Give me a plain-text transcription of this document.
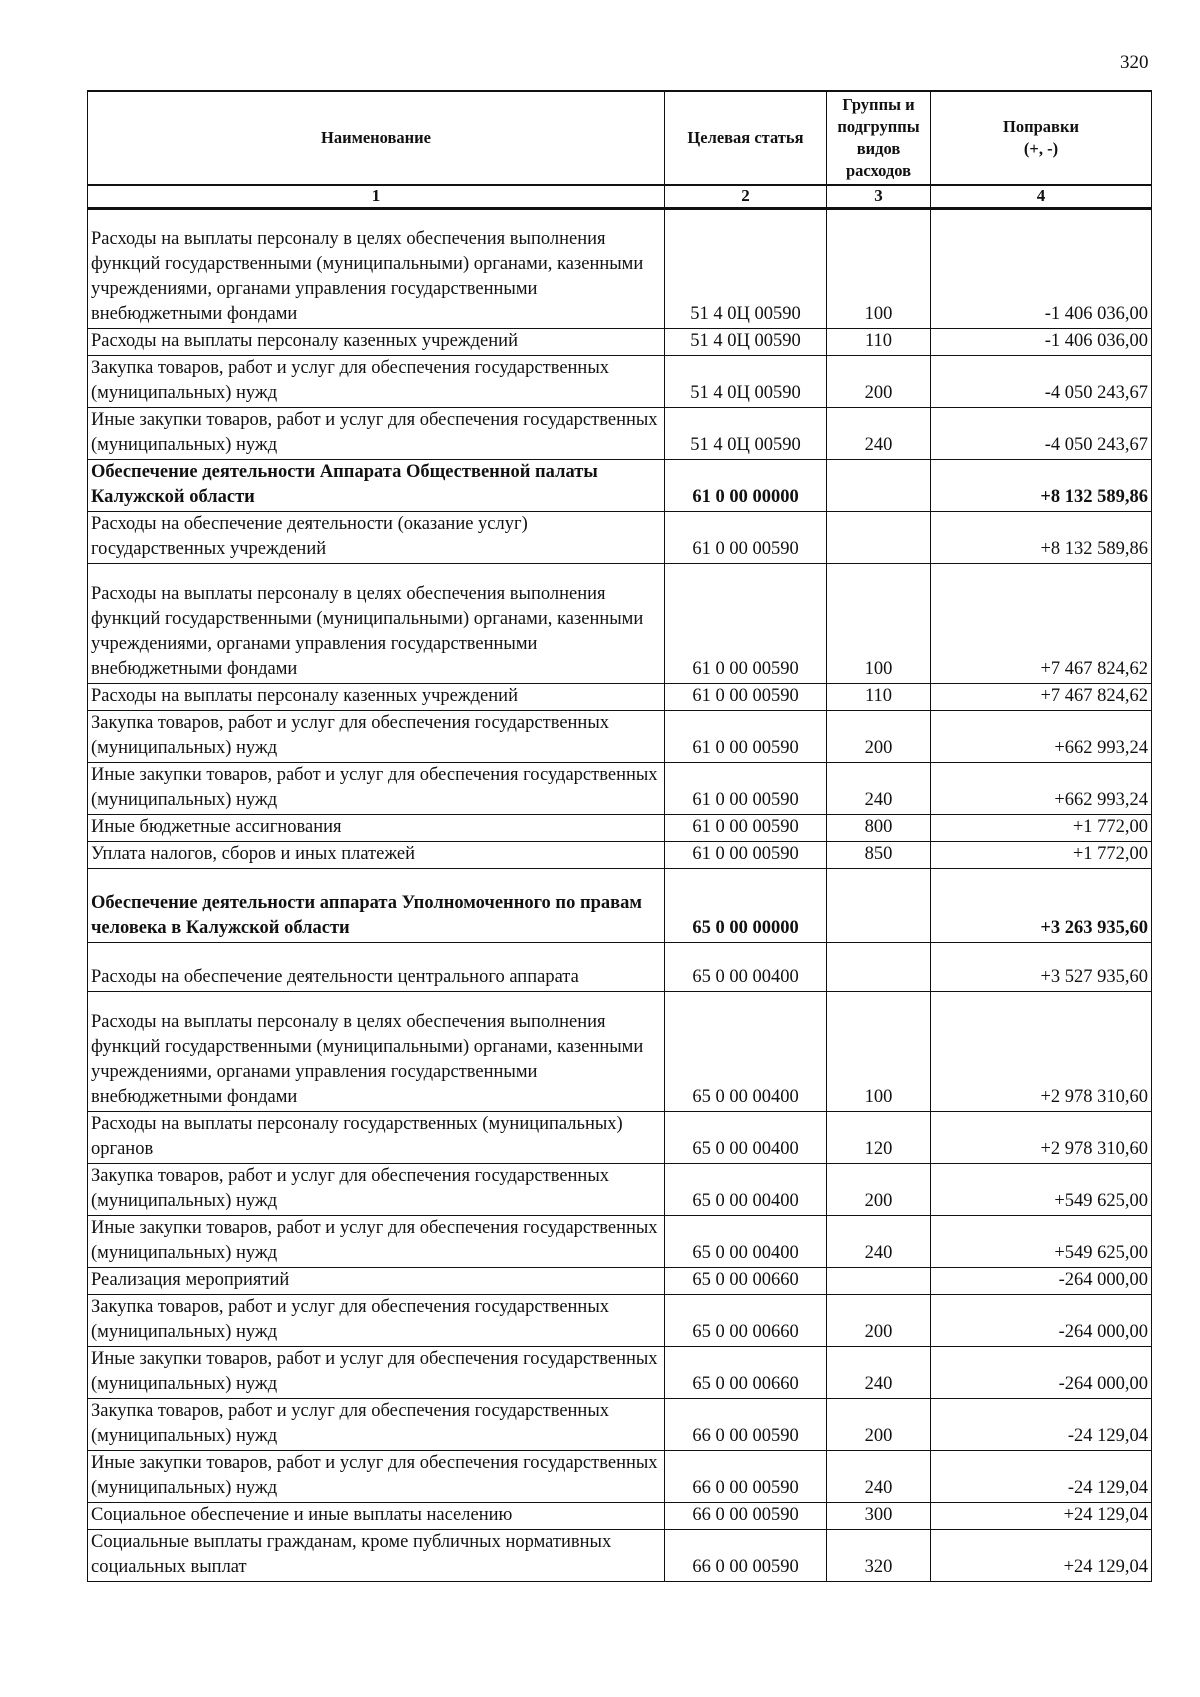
320
Наименование	Целевая статья	Группы и подгруппы видов расходов	Поправки
(+, -)
1	2	3	4
Расходы на выплаты персоналу в целях обеспечения выполнения функций государственными (муниципальными) органами, казенными учреждениями, органами управления государственными внебюджетными фондами	51 4 0Ц 00590	100	-1 406 036,00
Расходы на выплаты персоналу казенных учреждений	51 4 0Ц 00590	110	-1 406 036,00
Закупка товаров, работ и услуг для обеспечения государственных (муниципальных) нужд	51 4 0Ц 00590	200	-4 050 243,67
Иные закупки товаров, работ и услуг для обеспечения государственных (муниципальных) нужд	51 4 0Ц 00590	240	-4 050 243,67
Обеспечение деятельности Аппарата Общественной палаты Калужской области	61 0 00 00000		+8 132 589,86
Расходы на обеспечение деятельности (оказание услуг) государственных учреждений	61 0 00 00590		+8 132 589,86
Расходы на выплаты персоналу в целях обеспечения выполнения функций государственными (муниципальными) органами, казенными учреждениями, органами управления государственными внебюджетными фондами	61 0 00 00590	100	+7 467 824,62
Расходы на выплаты персоналу казенных учреждений	61 0 00 00590	110	+7 467 824,62
Закупка товаров, работ и услуг для обеспечения государственных (муниципальных) нужд	61 0 00 00590	200	+662 993,24
Иные закупки товаров, работ и услуг для обеспечения государственных (муниципальных) нужд	61 0 00 00590	240	+662 993,24
Иные бюджетные ассигнования	61 0 00 00590	800	+1 772,00
Уплата налогов, сборов и иных платежей	61 0 00 00590	850	+1 772,00
Обеспечение деятельности аппарата Уполномоченного по правам человека в Калужской области	65 0 00 00000		+3 263 935,60
Расходы на обеспечение деятельности центрального аппарата	65 0 00 00400		+3 527 935,60
Расходы на выплаты персоналу в целях обеспечения выполнения функций государственными (муниципальными) органами, казенными учреждениями, органами управления государственными внебюджетными фондами	65 0 00 00400	100	+2 978 310,60
Расходы на выплаты персоналу государственных (муниципальных) органов	65 0 00 00400	120	+2 978 310,60
Закупка товаров, работ и услуг для обеспечения государственных (муниципальных) нужд	65 0 00 00400	200	+549 625,00
Иные закупки товаров, работ и услуг для обеспечения государственных (муниципальных) нужд	65 0 00 00400	240	+549 625,00
Реализация мероприятий	65 0 00 00660		-264 000,00
Закупка товаров, работ и услуг для обеспечения государственных (муниципальных) нужд	65 0 00 00660	200	-264 000,00
Иные закупки товаров, работ и услуг для обеспечения государственных (муниципальных) нужд	65 0 00 00660	240	-264 000,00
Закупка товаров, работ и услуг для обеспечения государственных (муниципальных) нужд	66 0 00 00590	200	-24 129,04
Иные закупки товаров, работ и услуг для обеспечения государственных (муниципальных) нужд	66 0 00 00590	240	-24 129,04
Социальное обеспечение и иные выплаты населению	66 0 00 00590	300	+24 129,04
Социальные выплаты гражданам, кроме публичных нормативных социальных выплат	66 0 00 00590	320	+24 129,04
